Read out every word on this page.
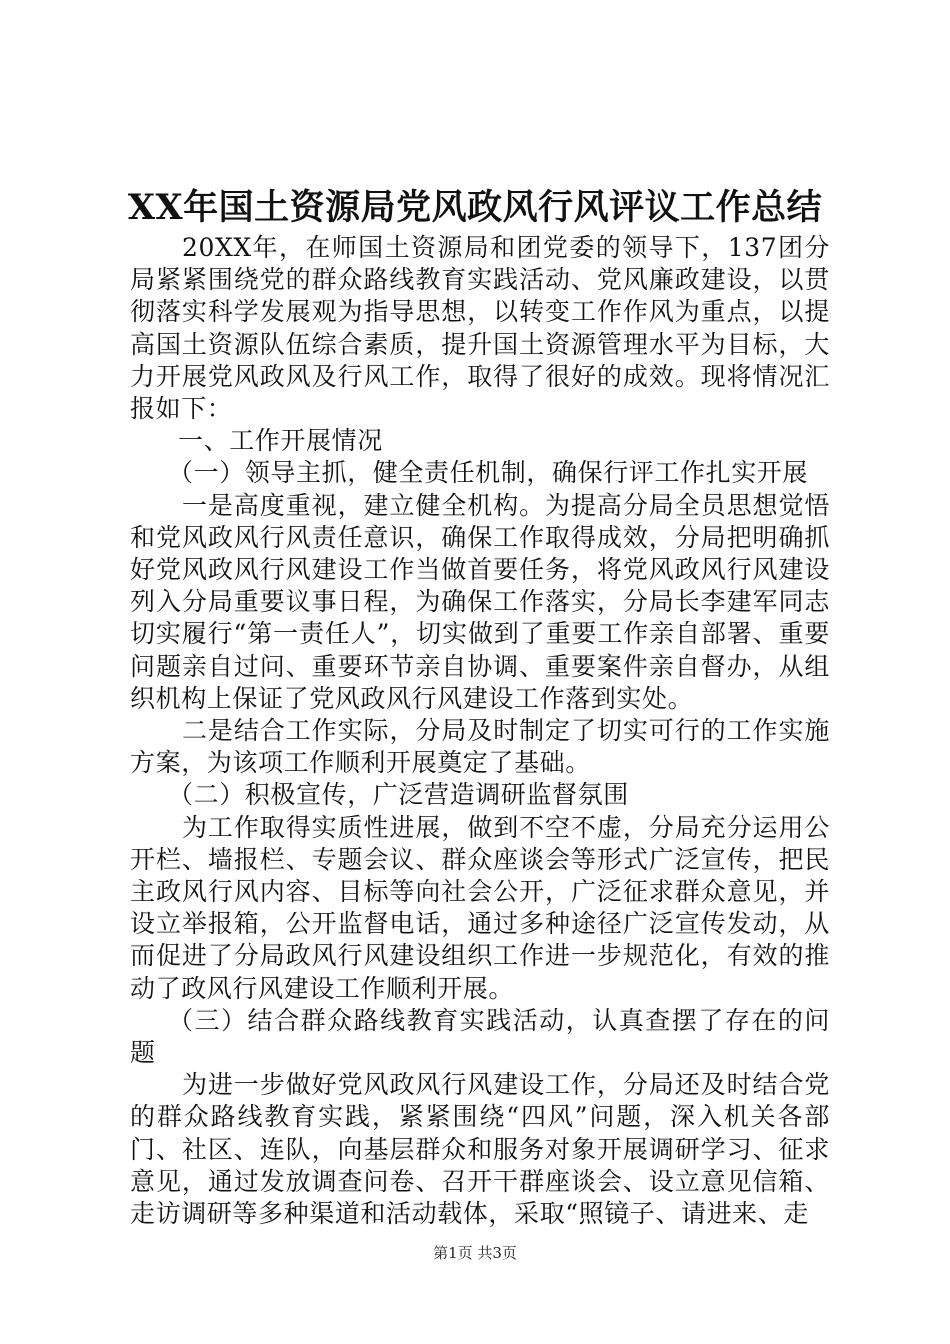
XX年国土资源局党风政风行风评议工作总结

20XX年，在师国土资源局和团党委的领导下，137团分局紧紧围绕党的群众路线教育实践活动、党风廉政建设，以贯彻落实科学发展观为指导思想，以转变工作作风为重点，以提高国土资源队伍综合素质，提升国土资源管理水平为目标，大力开展党风政风及行风工作，取得了很好的成效。现将情况汇报如下：

一、工作开展情况

（一）领导主抓，健全责任机制，确保行评工作扎实开展

一是高度重视，建立健全机构。为提高分局全员思想觉悟和党风政风行风责任意识，确保工作取得成效，分局把明确抓好党风政风行风建设工作当做首要任务，将党风政风行风建设列入分局重要议事日程，为确保工作落实，分局长李建军同志切实履行“第一责任人”，切实做到了重要工作亲自部署、重要问题亲自过问、重要环节亲自协调、重要案件亲自督办，从组织机构上保证了党风政风行风建设工作落到实处。

二是结合工作实际，分局及时制定了切实可行的工作实施方案，为该项工作顺利开展奠定了基础。

（二）积极宣传，广泛营造调研监督氛围

为工作取得实质性进展，做到不空不虚，分局充分运用公开栏、墙报栏、专题会议、群众座谈会等形式广泛宣传，把民主政风行风内容、目标等向社会公开，广泛征求群众意见，并设立举报箱，公开监督电话，通过多种途径广泛宣传发动，从而促进了分局政风行风建设组织工作进一步规范化，有效的推动了政风行风建设工作顺利开展。

（三）结合群众路线教育实践活动，认真查摆了存在的问题

为进一步做好党风政风行风建设工作，分局还及时结合党的群众路线教育实践，紧紧围绕“四风”问题，深入机关各部门、社区、连队，向基层群众和服务对象开展调研学习、征求意见，通过发放调查问卷、召开干群座谈会、设立意见信箱、走访调研等多种渠道和活动载体，采取“照镜子、请进来、走

第1页 共3页
